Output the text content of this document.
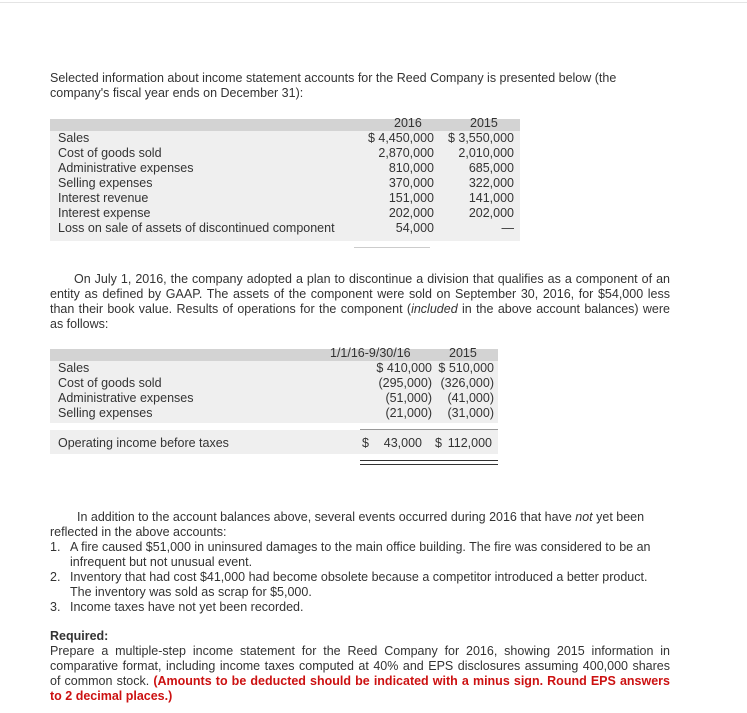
Selected information about income statement accounts for the Reed Company is presented below (the company's fiscal year ends on December 31):
2016	2015
Sales	$ 4,450,000	$ 3,550,000
Cost of goods sold	2,870,000	2,010,000
Administrative expenses	810,000	685,000
Selling expenses	370,000	322,000
Interest revenue	151,000	141,000
Interest expense	202,000	202,000
Loss on sale of assets of discontinued component	54,000	—
On July 1, 2016, the company adopted a plan to discontinue a division that qualifies as a component of an entity as defined by GAAP. The assets of the component were sold on September 30, 2016, for $54,000 less than their book value. Results of operations for the component (included in the above account balances) were as follows:
1/1/16-9/30/16	2015
Sales	$ 410,000 $ 510,000
Cost of goods sold	(295,000) (326,000)
Administrative expenses	(51,000)	(41,000)
Selling expenses	(21,000)	(31,000)
Operating income before taxes	$	43,000 $ 112,000
In addition to the account balances above, several events occurred during 2016 that have not yet been reflected in the above accounts:
1. A fire caused $51,000 in uninsured damages to the main office building. The fire was considered to be an infrequent but not unusual event.
2. Inventory that had cost $41,000 had become obsolete because a competitor introduced a better product. The inventory was sold as scrap for $5,000.
3. Income taxes have not yet been recorded.
Required:
Prepare a multiple-step income statement for the Reed Company for 2016, showing 2015 information in comparative format, including income taxes computed at 40% and EPS disclosures assuming 400,000 shares of common stock. (Amounts to be deducted should be indicated with a minus sign. Round EPS answers to 2 decimal places.)
